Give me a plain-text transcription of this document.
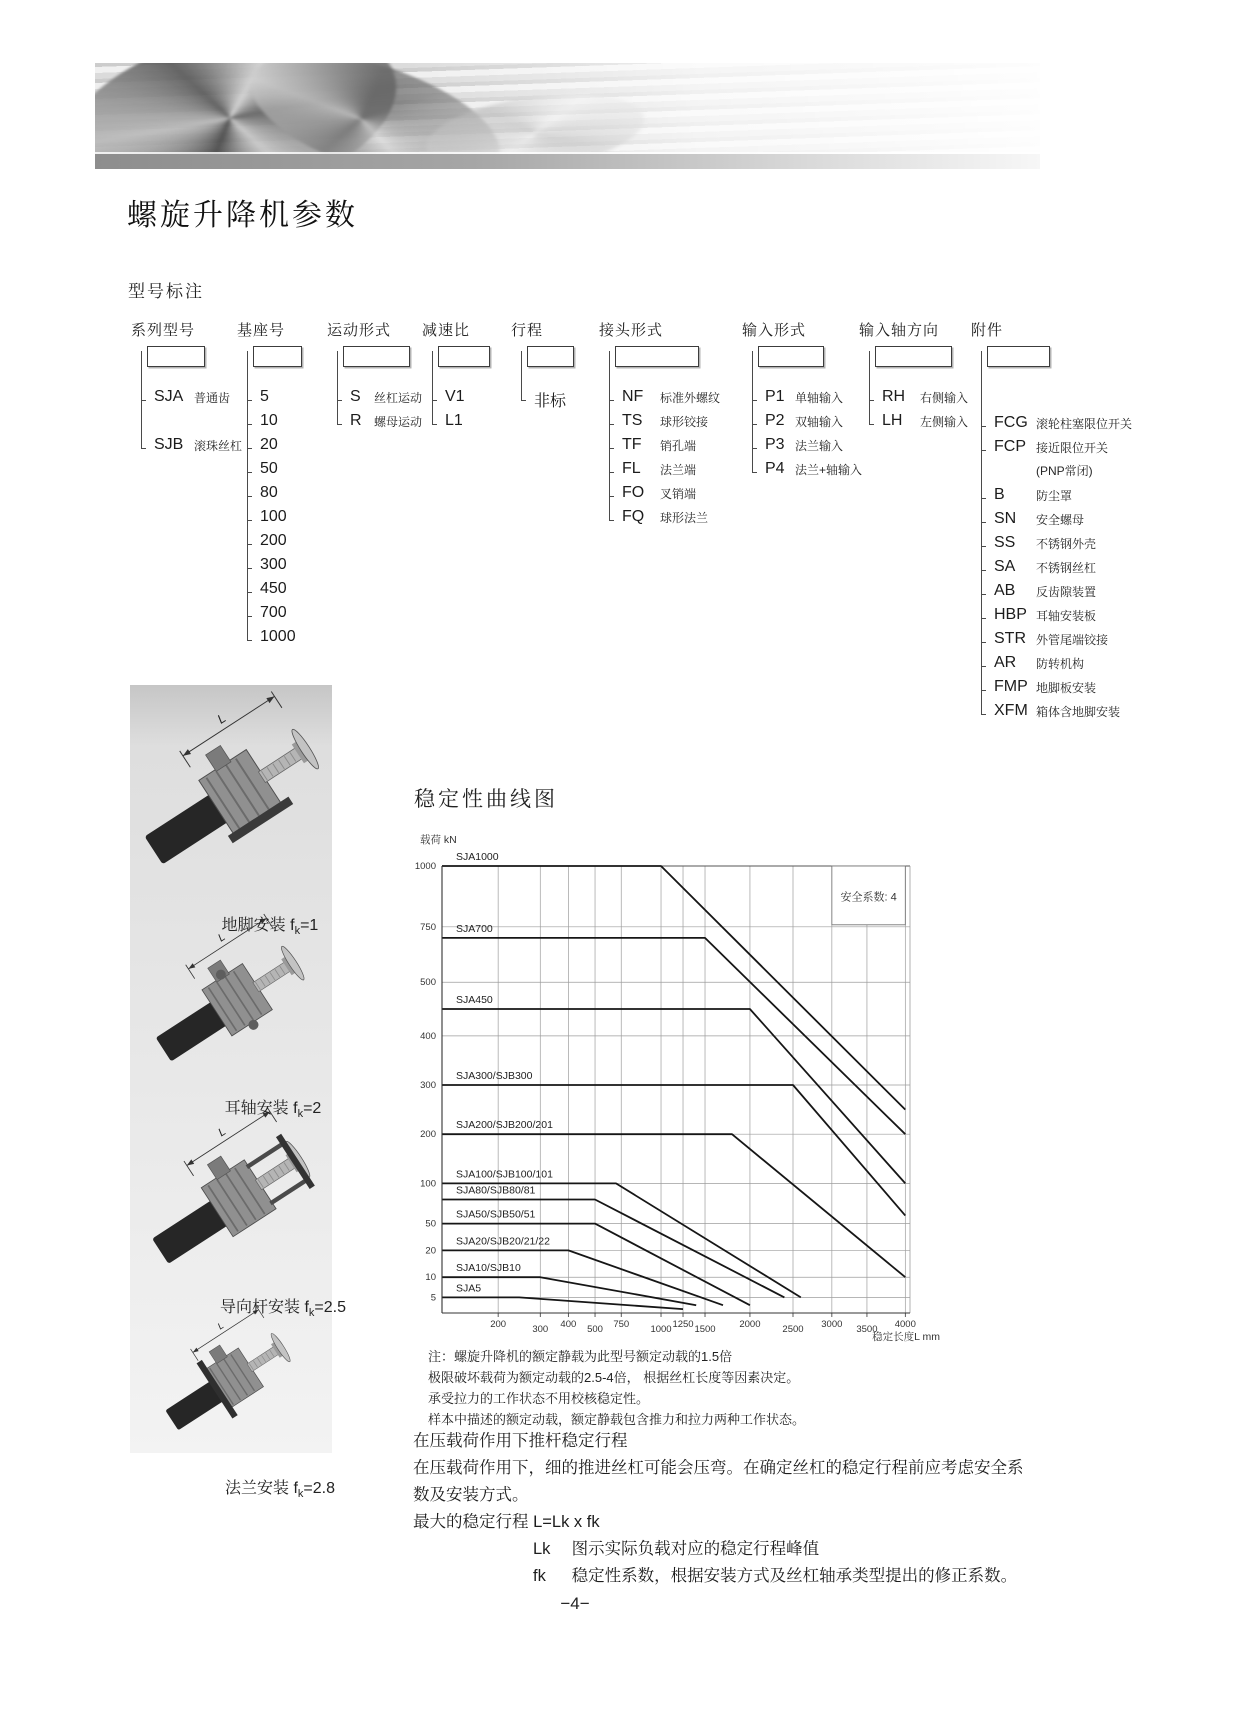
螺旋升降机参数
型号标注
系列型号
SJA 普通齿
SJB 滚珠丝杠
基座号
5
10
20
50
80
100
200
300
450
700
1000
运动形式
S 丝杠运动
R 螺母运动
减速比
V1
L1
行程
非标
接头形式
NF 标准外螺纹
TS 球形铰接
TF 销孔端
FL 法兰端
FO 叉销端
FQ 球形法兰
输入形式
P1 单轴输入
P2 双轴输入
P3 法兰输入
P4 法兰+轴输入
输入轴方向
RH 右侧输入
LH 左侧输入
附件
FCG 滚轮柱塞限位开关
FCP 接近限位开关
(PNP常闭)
B	防尘罩
SN 安全螺母
SS 不锈钢外壳
SA 不锈钢丝杠
AB 反齿隙装置
HBP 耳轴安装板
STR 外管尾端铰接
AR 防转机构
FMP 地脚板安装
XFM 箱体含地脚安装
L
L
L
L
地脚安装 $f_k=1$
耳轴安装 $f_k=2$
导向杆安装 $f_k=2.5$
法兰安装 $f_k=2.8$
稳定性曲线图
安全系数: 4
SJA1000
SJA700
SJA450
SJA300/SJB300
SJA200/SJB200/201
SJA100/SJB100/101
SJA80/SJB80/81
SJA50/SJB50/51
SJA20/SJB20/21/22
SJA10/SJB10
SJA5
200	300 400 500 750 1000 1250 1500	2000 2500 3000 3500 4000
5
10
20
50
100
200
300
400
500
750
1000
载荷 kN
稳定长度L mm
注：螺旋升降机的额定静载为此型号额定动载的1.5倍
极限破坏载荷为额定动载的2.5-4倍， 根据丝杠长度等因素决定。
承受拉力的工作状态不用校核稳定性。
样本中描述的额定动载，额定静载包含推力和拉力两种工作状态。
在压载荷作用下推杆稳定行程
在压载荷作用下，细的推进丝杠可能会压弯。在确定丝杠的稳定行程前应考虑安全系数及安装方式。
最大的稳定行程 L=Lk x fk
Lk 图示实际负载对应的稳定行程峰值
fk 稳定性系数，根据安装方式及丝杠轴承类型提出的修正系数。
−4−
